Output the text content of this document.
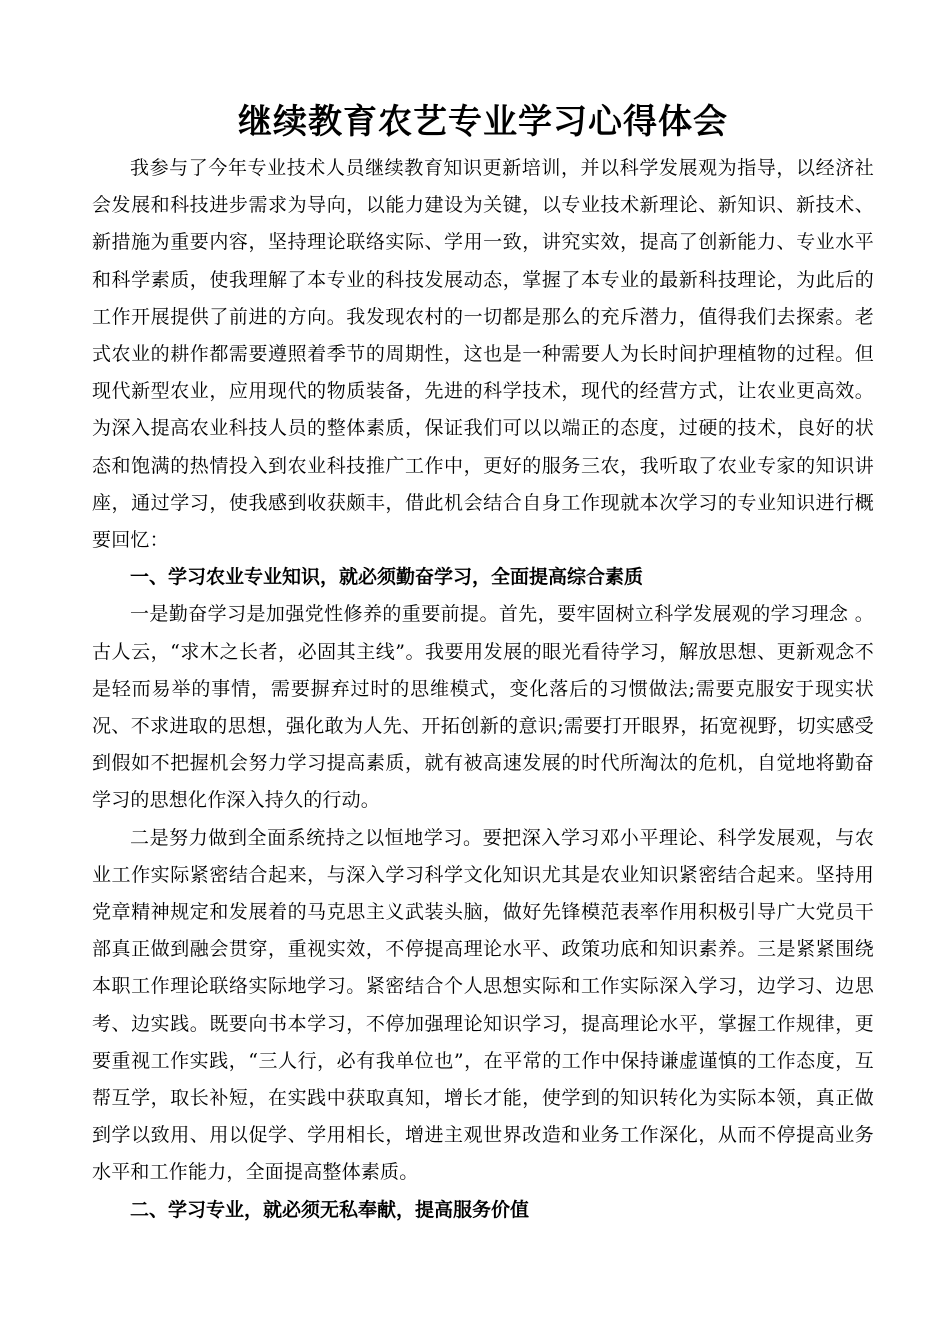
继续教育农艺专业学习心得体会

我参与了今年专业技术人员继续教育知识更新培训，并以科学发展观为指导，以经济社会发展和科技进步需求为导向，以能力建设为关键，以专业技术新理论、新知识、新技术、新措施为重要内容，坚持理论联络实际、学用一致，讲究实效，提高了创新能力、专业水平和科学素质，使我理解了本专业的科技发展动态，掌握了本专业的最新科技理论，为此后的工作开展提供了前进的方向。我发现农村的一切都是那么的充斥潜力，值得我们去探索。老式农业的耕作都需要遵照着季节的周期性，这也是一种需要人为长时间护理植物的过程。但现代新型农业，应用现代的物质装备，先进的科学技术，现代的经营方式，让农业更高效。为深入提高农业科技人员的整体素质，保证我们可以以端正的态度，过硬的技术，良好的状态和饱满的热情投入到农业科技推广工作中，更好的服务三农，我听取了农业专家的知识讲座，通过学习，使我感到收获颇丰，借此机会结合自身工作现就本次学习的专业知识进行概要回忆：

一、学习农业专业知识，就必须勤奋学习，全面提高综合素质

一是勤奋学习是加强党性修养的重要前提。首先，要牢固树立科学发展观的学习理念 。古人云，“求木之长者，必固其主线”。我要用发展的眼光看待学习，解放思想、更新观念不是轻而易举的事情，需要摒弃过时的思维模式，变化落后的习惯做法;需要克服安于现实状况、不求进取的思想，强化敢为人先、开拓创新的意识;需要打开眼界，拓宽视野，切实感受到假如不把握机会努力学习提高素质，就有被高速发展的时代所淘汰的危机，自觉地将勤奋学习的思想化作深入持久的行动。

二是努力做到全面系统持之以恒地学习。要把深入学习邓小平理论、科学发展观，与农业工作实际紧密结合起来，与深入学习科学文化知识尤其是农业知识紧密结合起来。坚持用党章精神规定和发展着的马克思主义武装头脑，做好先锋模范表率作用积极引导广大党员干部真正做到融会贯穿，重视实效，不停提高理论水平、政策功底和知识素养。三是紧紧围绕本职工作理论联络实际地学习。紧密结合个人思想实际和工作实际深入学习，边学习、边思考、边实践。既要向书本学习，不停加强理论知识学习，提高理论水平，掌握工作规律，更要重视工作实践，“三人行，必有我单位也”，在平常的工作中保持谦虚谨慎的工作态度，互帮互学，取长补短，在实践中获取真知，增长才能，使学到的知识转化为实际本领，真正做到学以致用、用以促学、学用相长，增进主观世界改造和业务工作深化，从而不停提高业务水平和工作能力，全面提高整体素质。

二、学习专业，就必须无私奉献，提高服务价值
